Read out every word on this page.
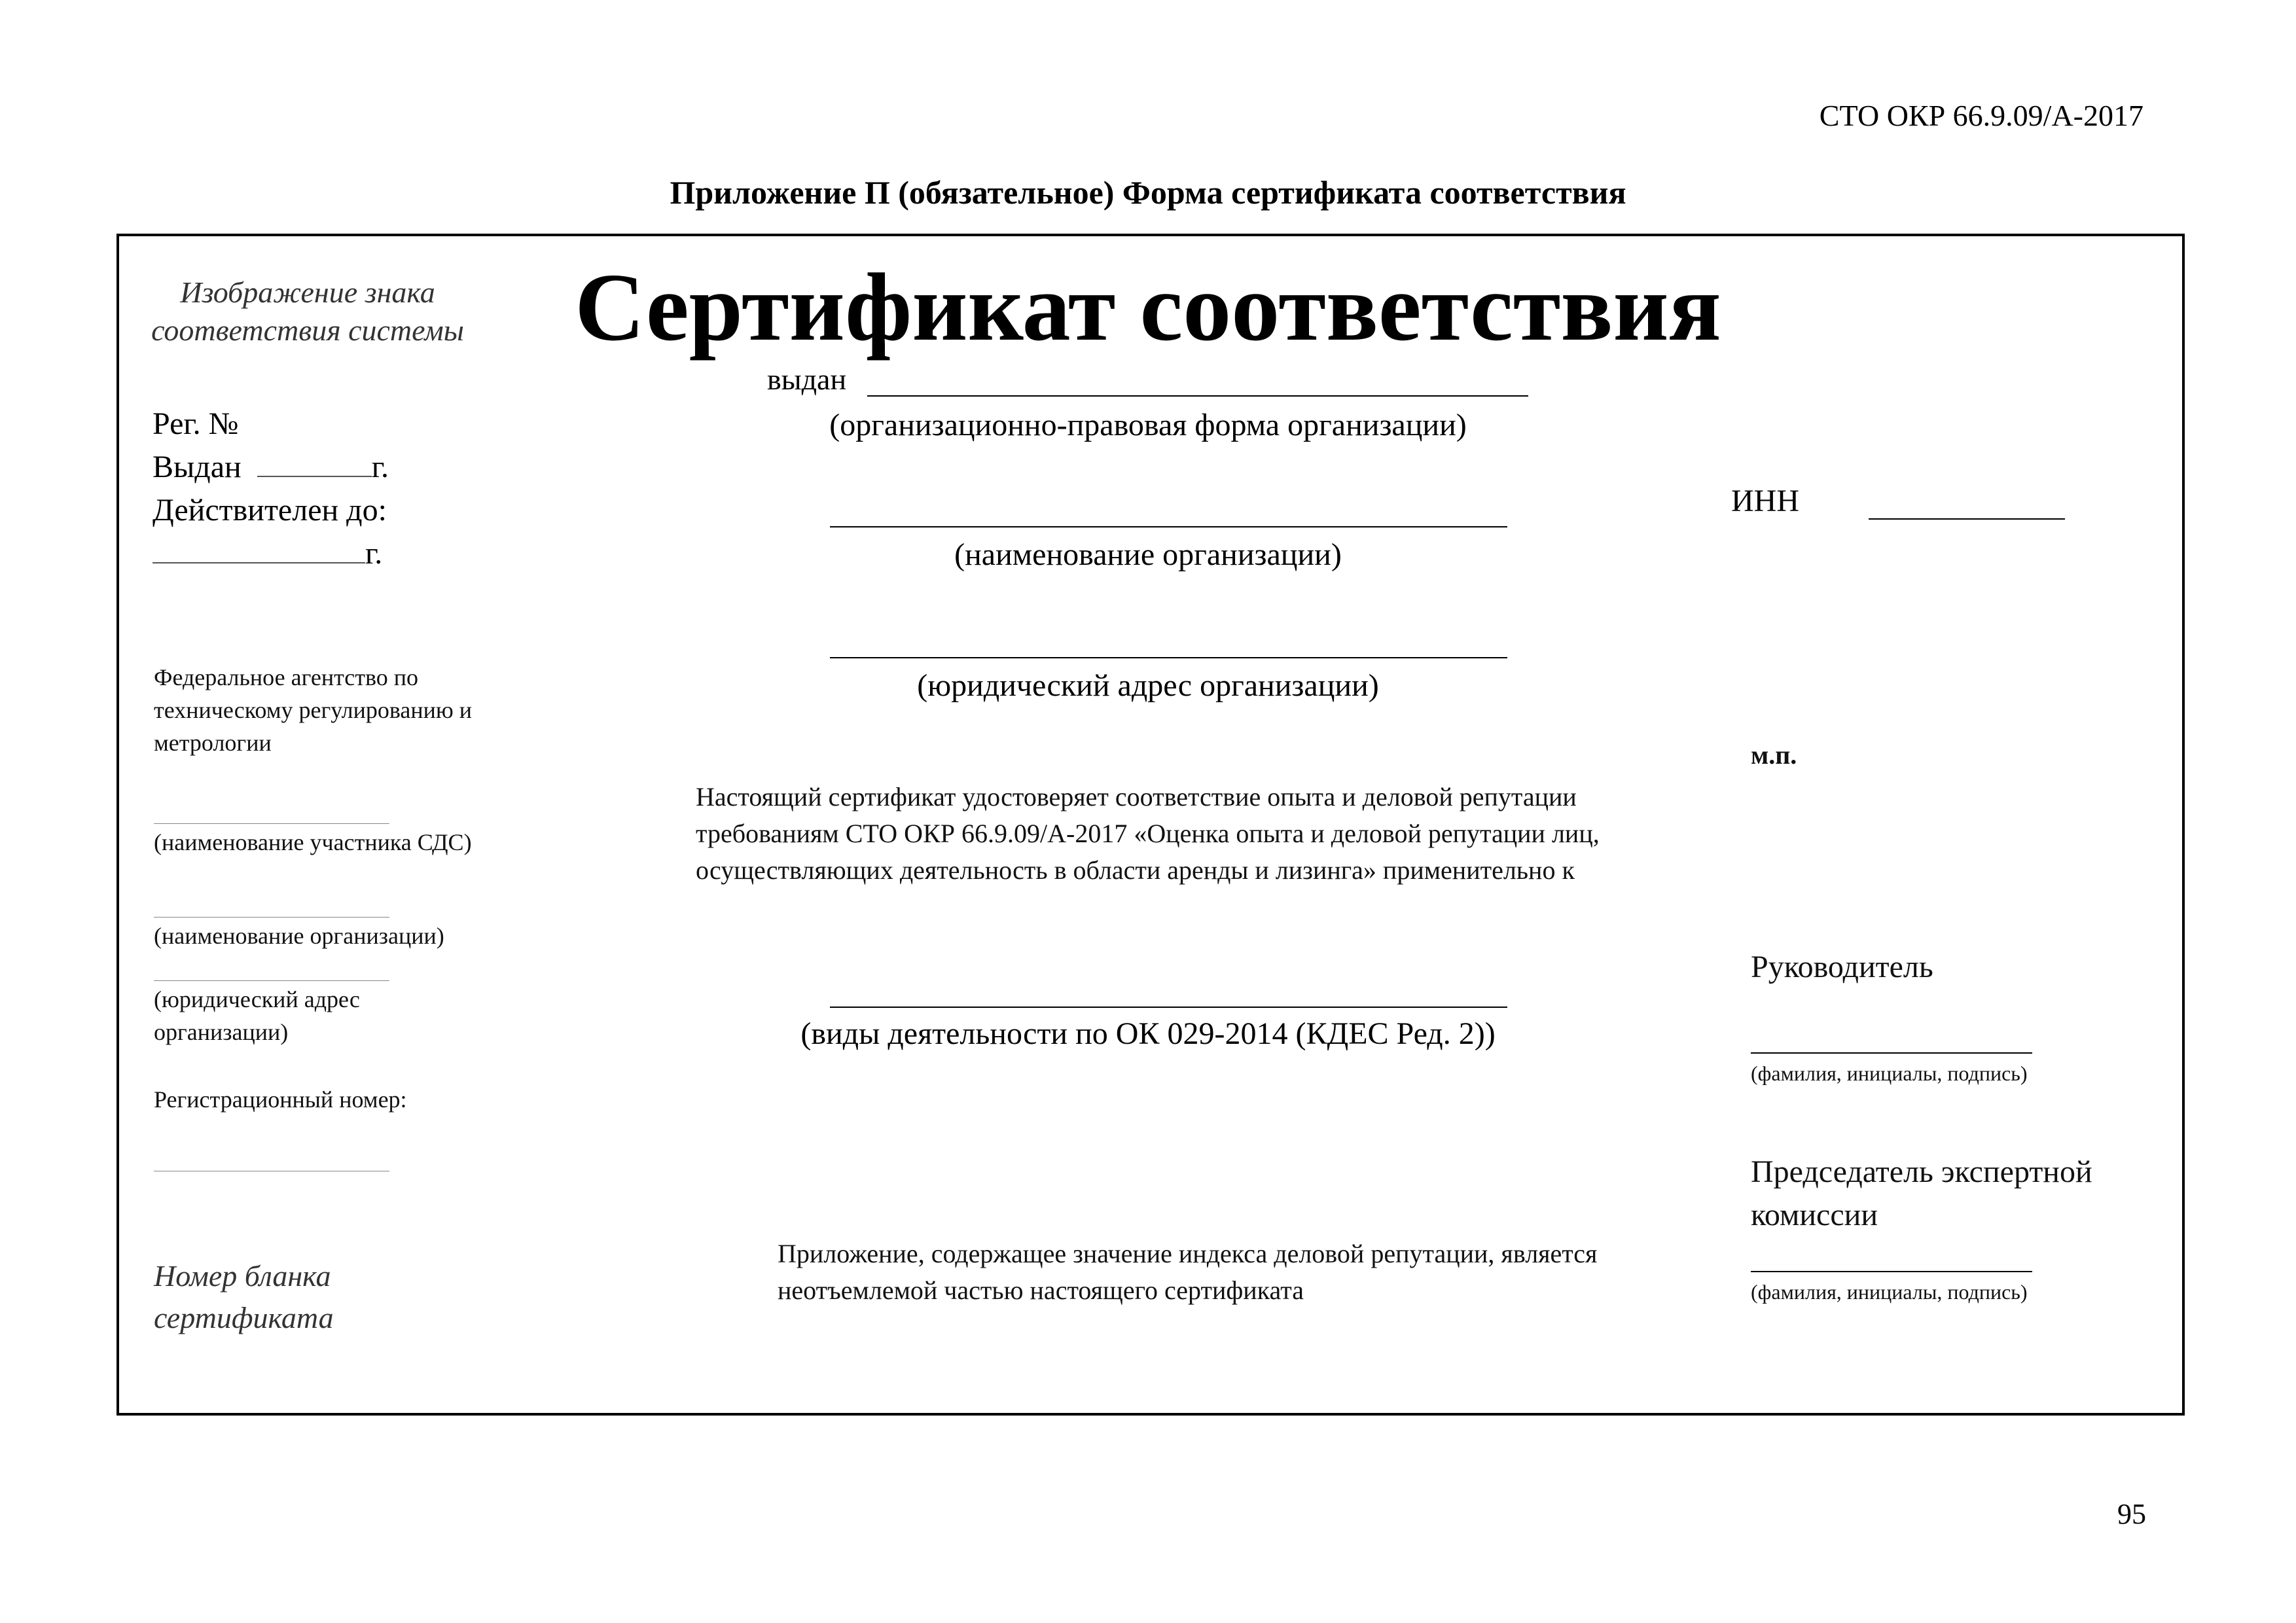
СТО ОКР 66.9.09/А-2017
Приложение П (обязательное) Форма сертификата соответствия
Изображение знака соответствия системы	Сертификат соответствия
Рег. №
Выдан	г.
Действителен до:
г.
Федеральное агентство по техническому регулированию и метрологии
(наименование участника СДС)
(наименование организации)
(юридический адрес организации)
Регистрационный номер:
Номер бланка сертификата
выдан
(организационно-правовая форма организации)
(наименование организации)
(юридический адрес организации)
Настоящий сертификат удостоверяет соответствие опыта и деловой репутации требованиям СТО ОКР 66.9.09/А-2017 «Оценка опыта и деловой репутации лиц, осуществляющих деятельность в области аренды и лизинга» применительно к
(виды деятельности по ОК 029-2014 (КДЕС Ред. 2))
Приложение, содержащее значение индекса деловой репутации, является неотъемлемой частью настоящего сертификата
ИНН
м.п.
Руководитель
(фамилия, инициалы, подпись)
Председатель экспертной комиссии
(фамилия, инициалы, подпись)
95
